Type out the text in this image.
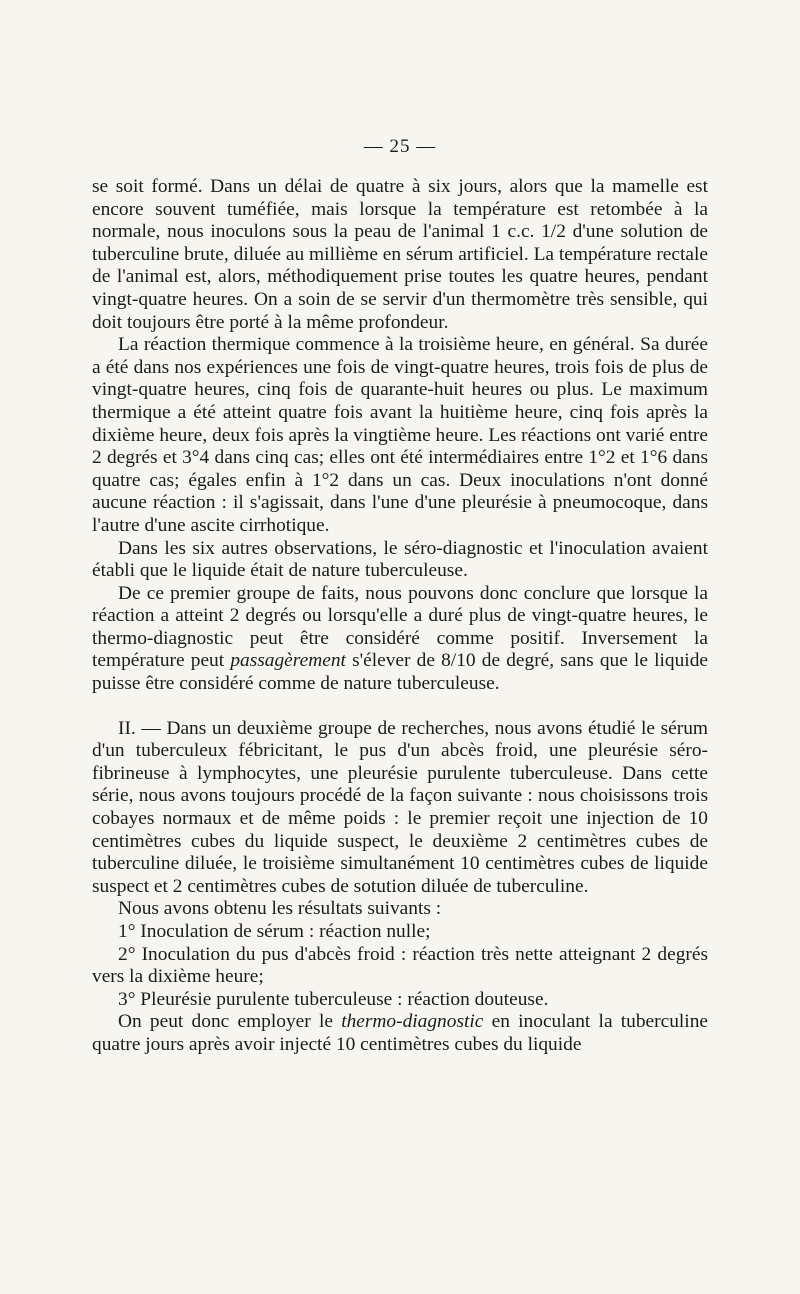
— 25 —

se soit formé. Dans un délai de quatre à six jours, alors que la mamelle est encore souvent tuméfiée, mais lorsque la température est retombée à la normale, nous inoculons sous la peau de l'animal 1 c.c. 1/2 d'une solution de tuberculine brute, diluée au millième en sérum artificiel. La température rectale de l'animal est, alors, méthodiquement prise toutes les quatre heures, pendant vingt-quatre heures. On a soin de se servir d'un thermomètre très sensible, qui doit toujours être porté à la même profondeur.

La réaction thermique commence à la troisième heure, en général. Sa durée a été dans nos expériences une fois de vingt-quatre heures, trois fois de plus de vingt-quatre heures, cinq fois de quarante-huit heures ou plus. Le maximum thermique a été atteint quatre fois avant la huitième heure, cinq fois après la dixième heure, deux fois après la vingtième heure. Les réactions ont varié entre 2 degrés et 3°4 dans cinq cas; elles ont été intermédiaires entre 1°2 et 1°6 dans quatre cas; égales enfin à 1°2 dans un cas. Deux inoculations n'ont donné aucune réaction : il s'agissait, dans l'une d'une pleurésie à pneumocoque, dans l'autre d'une ascite cirrhotique.

Dans les six autres observations, le séro-diagnostic et l'inoculation avaient établi que le liquide était de nature tuberculeuse.

De ce premier groupe de faits, nous pouvons donc conclure que lorsque la réaction a atteint 2 degrés ou lorsqu'elle a duré plus de vingt-quatre heures, le thermo-diagnostic peut être considéré comme positif. Inversement la température peut passagèrement s'élever de 8/10 de degré, sans que le liquide puisse être considéré comme de nature tuberculeuse.

II. — Dans un deuxième groupe de recherches, nous avons étudié le sérum d'un tuberculeux fébricitant, le pus d'un abcès froid, une pleurésie séro-fibrineuse à lymphocytes, une pleurésie purulente tuberculeuse. Dans cette série, nous avons toujours procédé de la façon suivante : nous choisissons trois cobayes normaux et de même poids : le premier reçoit une injection de 10 centimètres cubes du liquide suspect, le deuxième 2 centimètres cubes de tuberculine diluée, le troisième simultanément 10 centimètres cubes de liquide suspect et 2 centimètres cubes de sotution diluée de tuberculine.

Nous avons obtenu les résultats suivants :

1° Inoculation de sérum : réaction nulle;

2° Inoculation du pus d'abcès froid : réaction très nette atteignant 2 degrés vers la dixième heure;

3° Pleurésie purulente tuberculeuse : réaction douteuse.

On peut donc employer le thermo-diagnostic en inoculant la tuberculine quatre jours après avoir injecté 10 centimètres cubes du liquide
